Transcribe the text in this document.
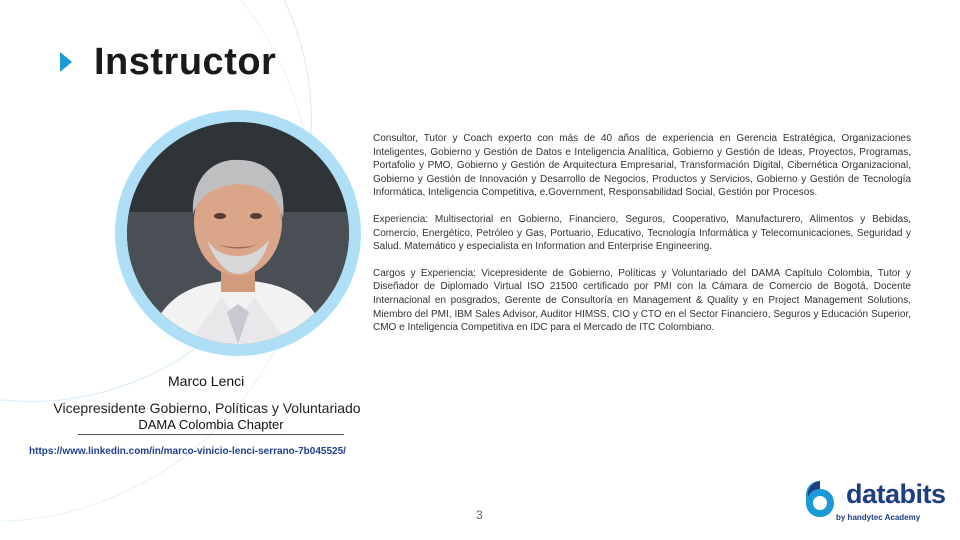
Instructor

Consultor, Tutor y Coach experto con más de 40 años de experiencia en Gerencia Estratégica, Organizaciones Inteligentes, Gobierno y Gestión de Datos e Inteligencia Analítica, Gobierno y Gestión de Ideas, Proyectos, Programas, Portafolio y PMO, Gobierno y Gestión de Arquitectura Empresarial, Transformación Digital, Cibernética Organizacional, Gobierno y Gestión de Innovación y Desarrollo de Negocios, Productos y Servicios, Gobierno y Gestión de Tecnología Informática, Inteligencia Competitiva, e.Government, Responsabilidad Social, Gestión por Procesos.

Experiencia: Multisectorial en Gobierno, Financiero, Seguros, Cooperativo, Manufacturero, Alimentos y Bebidas, Comercio, Energético, Petróleo y Gas, Portuario, Educativo, Tecnología Informática y Telecomunicaciones, Seguridad y Salud. Matemático y especialista en Information and Enterprise Engineering.

Cargos y Experiencia: Vicepresidente de Gobierno, Políticas y Voluntariado del DAMA Capítulo Colombia, Tutor y Diseñador de Diplomado Virtual ISO 21500 certificado por PMI con la Cámara de Comercio de Bogotá, Docente Internacional en posgrados, Gerente de Consultoría en Management & Quality y en Project Management Solutions, Miembro del PMI, IBM Sales Advisor, Auditor HIMSS, CIO y CTO en el Sector Financiero, Seguros y Educación Superior, CMO e Inteligencia Competitiva en IDC para el Mercado de ITC Colombiano.

Marco Lenci
Vicepresidente Gobierno, Políticas y Voluntariado
DAMA Colombia Chapter
https://www.linkedin.com/in/marco-vinicio-lenci-serrano-7b045525/
3
databits
by handytec Academy
